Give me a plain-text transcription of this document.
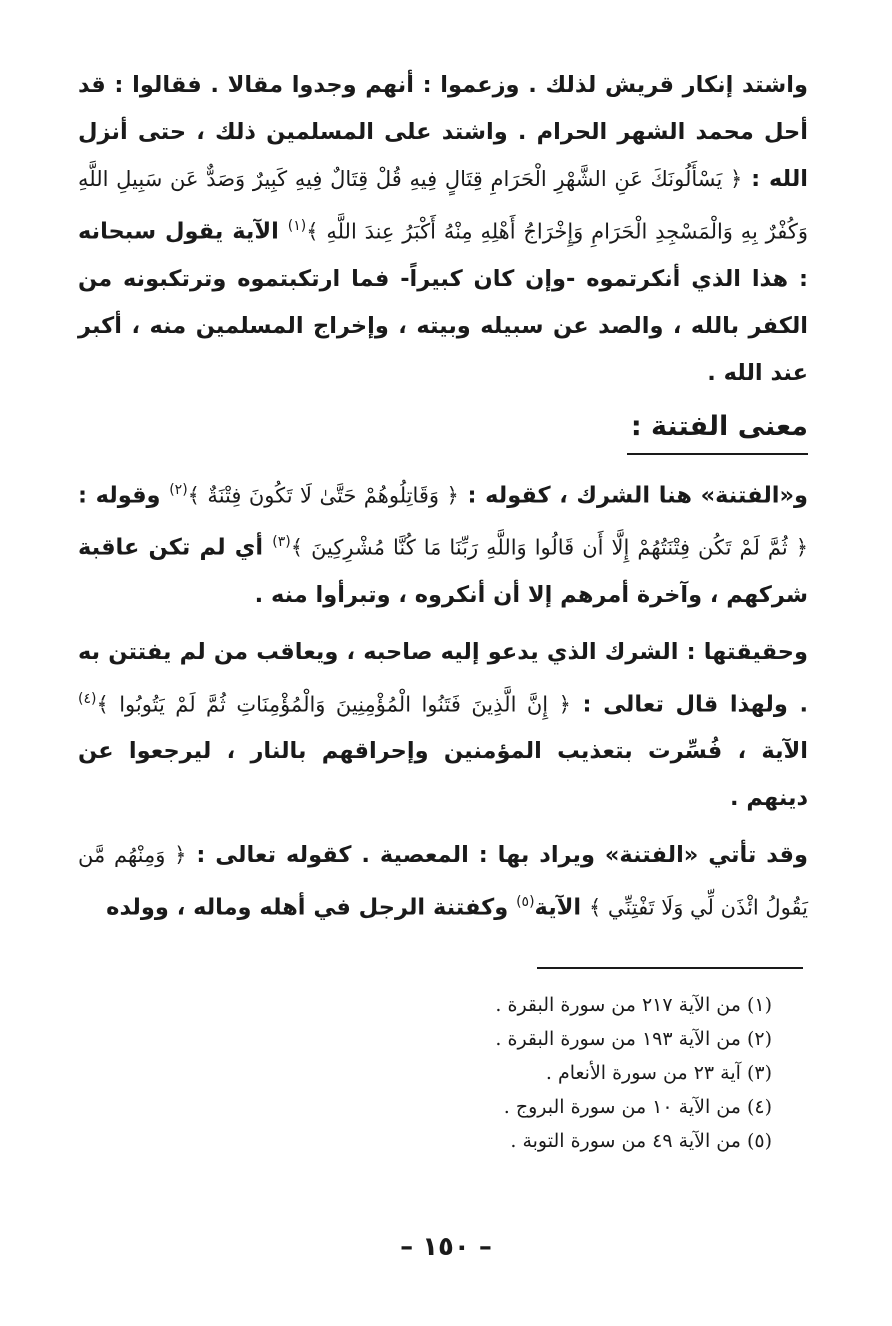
واشتد إنكار قريش لذلك . وزعموا : أنهم وجدوا مقالا . فقالوا : قد أحل محمد الشهر الحرام . واشتد على المسلمين ذلك ، حتى أنزل الله : ﴿ يَسْأَلُونَكَ عَنِ الشَّهْرِ الْحَرَامِ قِتَالٍ فِيهِ قُلْ قِتَالٌ فِيهِ كَبِيرٌ وَصَدٌّ عَن سَبِيلِ اللَّهِ وَكُفْرٌ بِهِ وَالْمَسْجِدِ الْحَرَامِ وَإِخْرَاجُ أَهْلِهِ مِنْهُ أَكْبَرُ عِندَ اللَّهِ ﴾$^{(١)}$ الآية يقول سبحانه : هذا الذي أنكرتموه -وإن كان كبيراً- فما ارتكبتموه وترتكبونه من الكفر بالله ، والصد عن سبيله وبيته ، وإخراج المسلمين منه ، أكبر عند الله .

معنى الفتنة :

و«الفتنة» هنا الشرك ، كقوله : ﴿ وَقَاتِلُوهُمْ حَتَّىٰ لَا تَكُونَ فِتْنَةٌ ﴾$^{(٢)}$ وقوله : ﴿ ثُمَّ لَمْ تَكُن فِتْنَتُهُمْ إِلَّا أَن قَالُوا وَاللَّهِ رَبِّنَا مَا كُنَّا مُشْرِكِينَ ﴾$^{(٣)}$ أي لم تكن عاقبة شركهم ، وآخرة أمرهم إلا أن أنكروه ، وتبرأوا منه .

وحقيقتها : الشرك الذي يدعو إليه صاحبه ، ويعاقب من لم يفتتن به . ولهذا قال تعالى : ﴿ إِنَّ الَّذِينَ فَتَنُوا الْمُؤْمِنِينَ وَالْمُؤْمِنَاتِ ثُمَّ لَمْ يَتُوبُوا ﴾$^{(٤)}$ الآية ، فُسِّرت بتعذيب المؤمنين وإحراقهم بالنار ، ليرجعوا عن دينهم .

وقد تأتي «الفتنة» ويراد بها : المعصية . كقوله تعالى : ﴿ وَمِنْهُم مَّن يَقُولُ ائْذَن لِّي وَلَا تَفْتِنِّي ﴾ الآية$^{(٥)}$ وكفتنة الرجل في أهله وماله ، وولده

(١) من الآية ٢١٧ من سورة البقرة .
(٢) من الآية ١٩٣ من سورة البقرة .
(٣) آية ٢٣ من سورة الأنعام .
(٤) من الآية ١٠ من سورة البروج .
(٥) من الآية ٤٩ من سورة التوبة .
– ١٥٠ –
